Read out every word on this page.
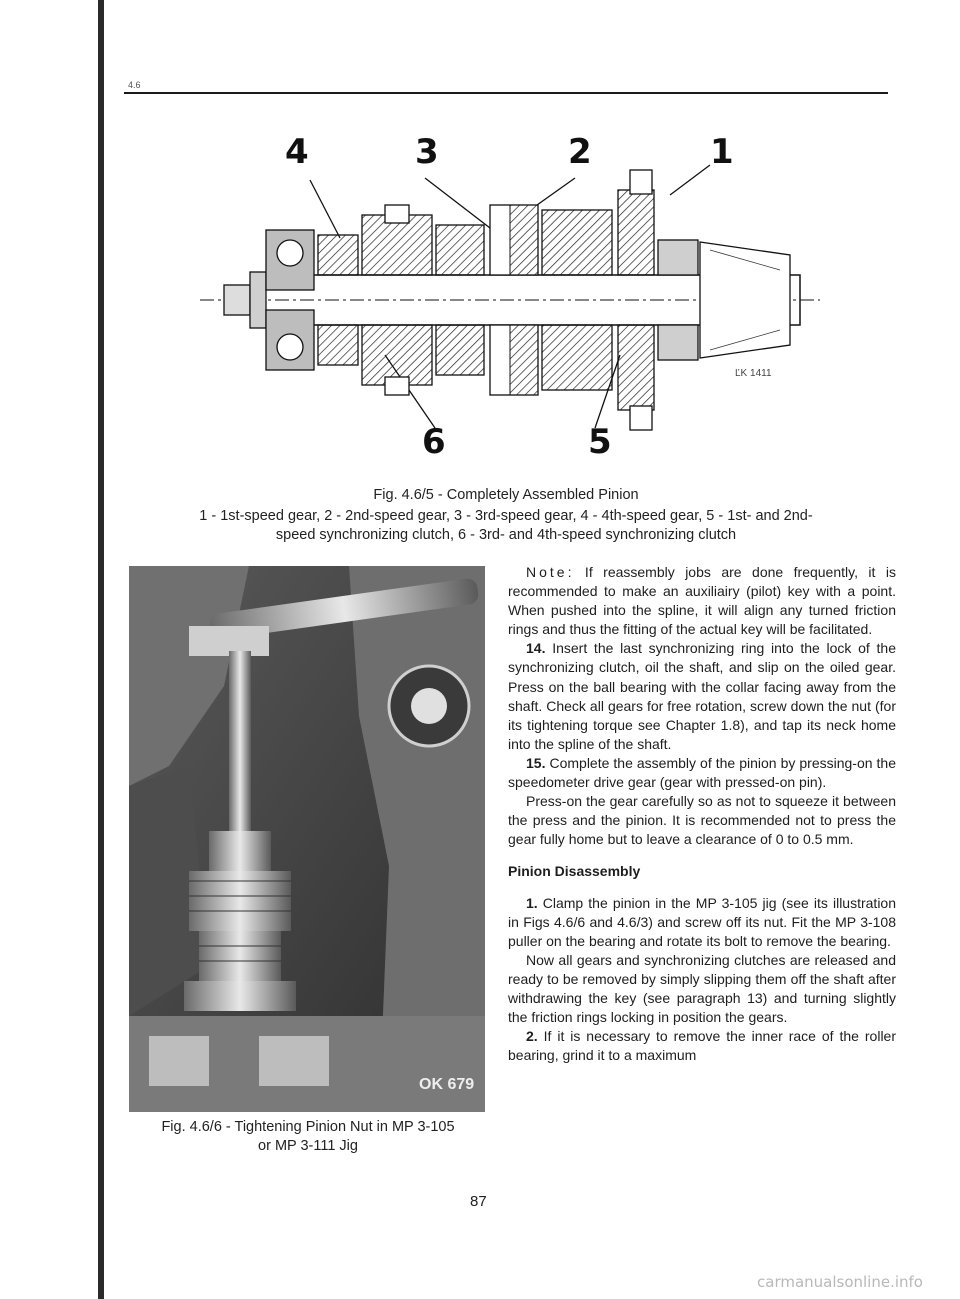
4.6
4	3	2	1
6	5
ĽK 1411
Fig. 4.6/5 - Completely Assembled Pinion
1 - 1st-speed gear, 2 - 2nd-speed gear, 3 - 3rd-speed gear, 4 - 4th-speed gear, 5 - 1st- and 2nd-
speed synchronizing clutch, 6 - 3rd- and 4th-speed synchronizing clutch
OK 679
Fig. 4.6/6 - Tightening Pinion Nut in MP 3-105
or MP 3-111 Jig

Note: If reassembly jobs are done frequently, it is recommended to make an auxiliairy (pilot) key with a point. When pushed into the spline, it will align any turned friction rings and thus the fitting of the actual key will be facilitated.

14. Insert the last synchronizing ring into the lock of the synchronizing clutch, oil the shaft, and slip on the oiled gear. Press on the ball bearing with the collar facing away from the shaft. Check all gears for free rotation, screw down the nut (for its tightening torque see Chapter 1.8), and tap its neck home into the spline of the shaft.

15. Complete the assembly of the pinion by pressing-on the speedometer drive gear (gear with pressed-on pin).

Press-on the gear carefully so as not to squeeze it between the press and the pinion. It is recommended not to press the gear fully home but to leave a clearance of 0 to 0.5 mm.

Pinion Disassembly

1. Clamp the pinion in the MP 3-105 jig (see its illustration in Figs 4.6/6 and 4.6/3) and screw off its nut. Fit the MP 3-108 puller on the bearing and rotate its bolt to remove the bearing.

Now all gears and synchronizing clutches are released and ready to be removed by simply slipping them off the shaft after withdrawing the key (see paragraph 13) and turning slightly the friction rings locking in position the gears.

2. If it is necessary to remove the inner race of the roller bearing, grind it to a maximum

87
carmanualsonline.info
